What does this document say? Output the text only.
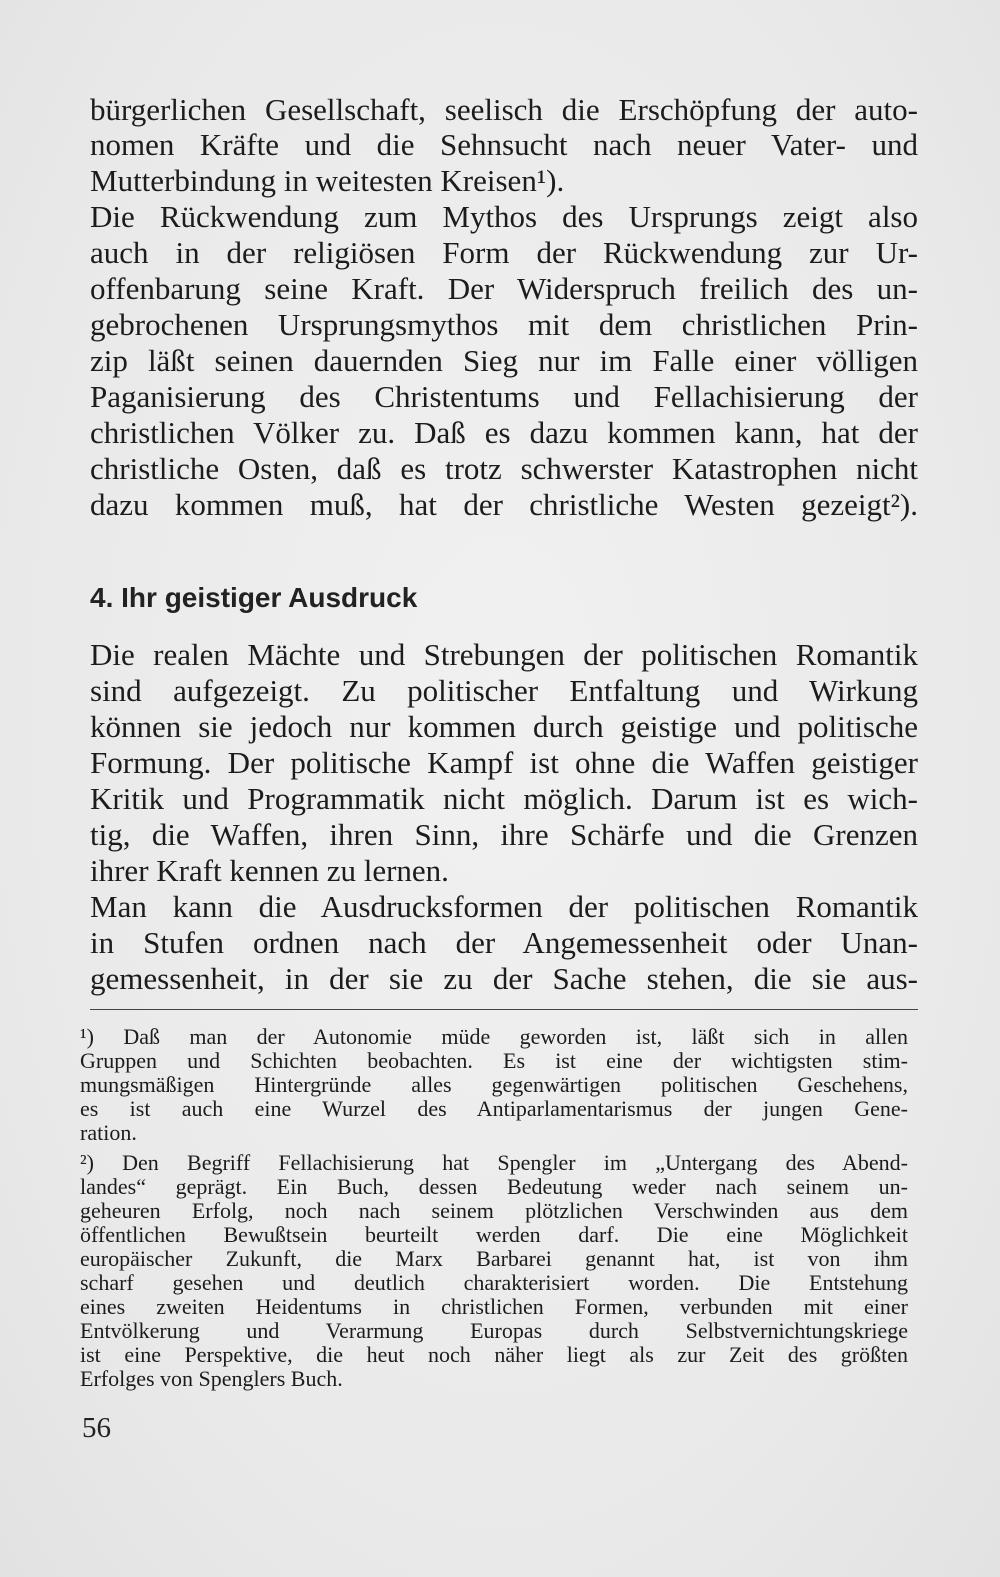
bürgerlichen Gesellschaft, seelisch die Erschöpfung der auto-
nomen Kräfte und die Sehnsucht nach neuer Vater- und
Mutterbindung in weitesten Kreisen¹).
Die Rückwendung zum Mythos des Ursprungs zeigt also
auch in der religiösen Form der Rückwendung zur Ur-
offenbarung seine Kraft. Der Widerspruch freilich des un-
gebrochenen Ursprungsmythos mit dem christlichen Prin-
zip läßt seinen dauernden Sieg nur im Falle einer völligen
Paganisierung des Christentums und Fellachisierung der
christlichen Völker zu. Daß es dazu kommen kann, hat der
christliche Osten, daß es trotz schwerster Katastrophen nicht
dazu kommen muß, hat der christliche Westen gezeigt²).
4. Ihr geistiger Ausdruck
Die realen Mächte und Strebungen der politischen Romantik
sind aufgezeigt. Zu politischer Entfaltung und Wirkung
können sie jedoch nur kommen durch geistige und politische
Formung. Der politische Kampf ist ohne die Waffen geistiger
Kritik und Programmatik nicht möglich. Darum ist es wich-
tig, die Waffen, ihren Sinn, ihre Schärfe und die Grenzen
ihrer Kraft kennen zu lernen.
Man kann die Ausdrucksformen der politischen Romantik
in Stufen ordnen nach der Angemessenheit oder Unan-
gemessenheit, in der sie zu der Sache stehen, die sie aus-
¹) Daß man der Autonomie müde geworden ist, läßt sich in allen
Gruppen und Schichten beobachten. Es ist eine der wichtigsten stim-
mungsmäßigen Hintergründe alles gegenwärtigen politischen Geschehens,
es ist auch eine Wurzel des Antiparlamentarismus der jungen Gene-
ration.
²) Den Begriff Fellachisierung hat Spengler im „Untergang des Abend-
landes“ geprägt. Ein Buch, dessen Bedeutung weder nach seinem un-
geheuren Erfolg, noch nach seinem plötzlichen Verschwinden aus dem
öffentlichen Bewußtsein beurteilt werden darf. Die eine Möglichkeit
europäischer Zukunft, die Marx Barbarei genannt hat, ist von ihm
scharf gesehen und deutlich charakterisiert worden. Die Entstehung
eines zweiten Heidentums in christlichen Formen, verbunden mit einer
Entvölkerung und Verarmung Europas durch Selbstvernichtungskriege
ist eine Perspektive, die heut noch näher liegt als zur Zeit des größten
Erfolges von Spenglers Buch.
56
